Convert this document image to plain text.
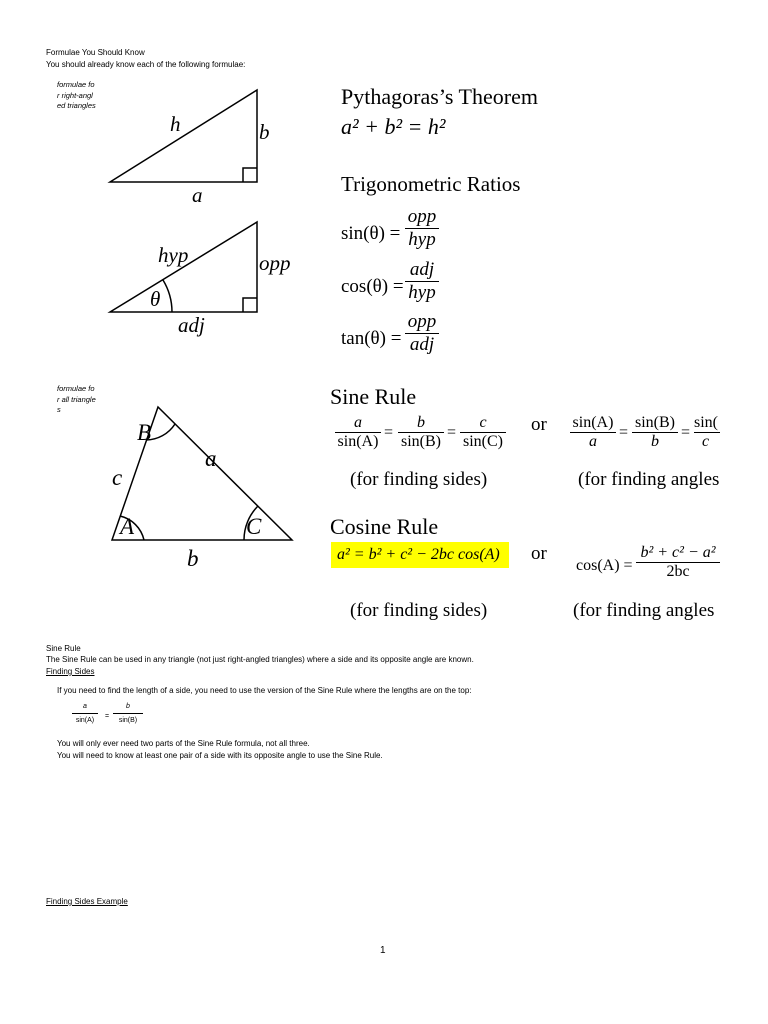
Formulae You Should Know
You should already know each of the following formulae:
formulae for right-angled triangles
formulae for all triangles
h	b
a
Pythagoras’s Theorem
a² + b² = h²
Trigonometric Ratios
hyp	opp
θ
adj
sin(θ) =
opp
hyp
cos(θ) =
adj
hyp
tan(θ) =
opp
adj
B
a
c
A	C
b
Sine Rule
a
sin(A)
=
b
sin(B)
=
c
sin(C)
or sin(A)
a
=
sin(B)
b
=
sin(
c
(for finding sides)	(for finding angles
Cosine Rule
a² = b² + c² − 2bc cos(A)	or
cos(A) =
b² + c² − a²
2bc
(for finding sides)	(for finding angles
Sine Rule
The Sine Rule can be used in any triangle (not just right-angled triangles) where a side and its opposite angle are known.
Finding Sides
If you need to find the length of a side, you need to use the version of the Sine Rule where the lengths are on the top:
a
sin(A)
=
b
sin(B)
You will only ever need two parts of the Sine Rule formula, not all three.
You will need to know at least one pair of a side with its opposite angle to use the Sine Rule.
Finding Sides Example
1
